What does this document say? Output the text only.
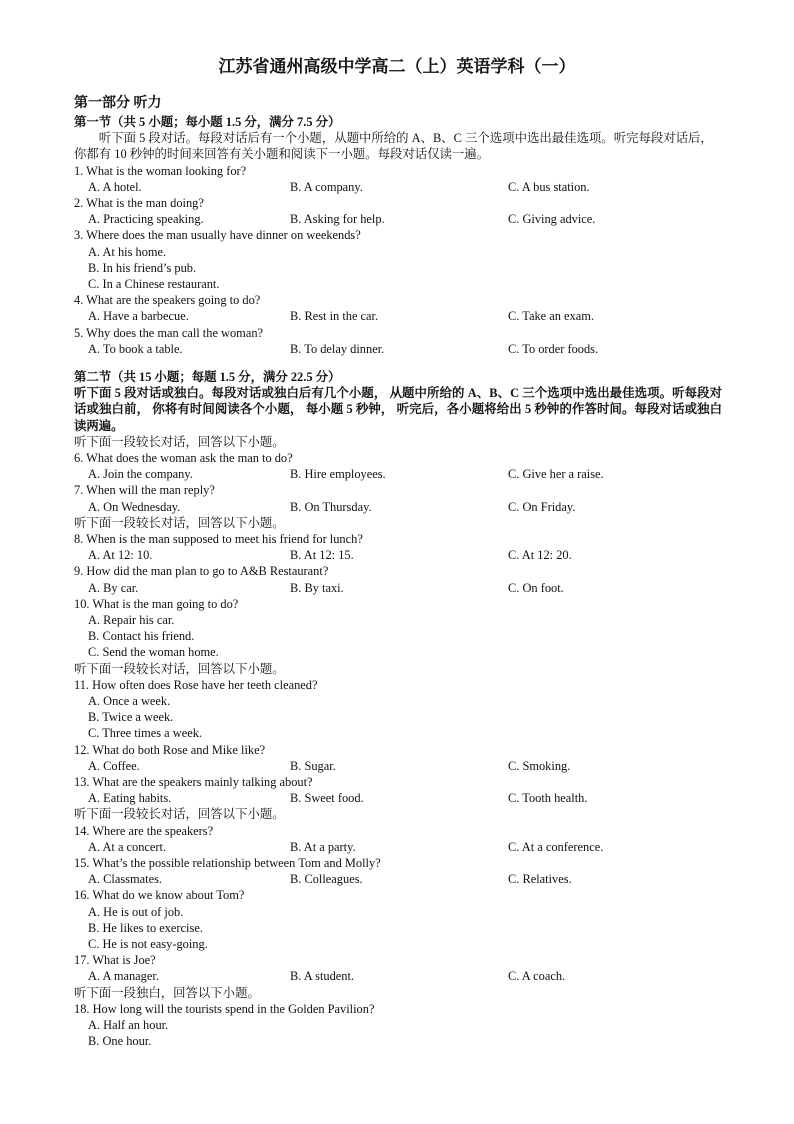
江苏省通州高级中学高二（上）英语学科（一）
第一部分 听力
第一节（共 5 小题；每小题 1.5 分，满分 7.5 分）
听下面 5 段对话。每段对话后有一个小题，从题中所给的 A、B、C 三个选项中选出最佳选项。听完每段对话后，你都有 10 秒钟的时间来回答有关小题和阅读下一小题。每段对话仅读一遍。
1. What is the woman looking for?
A. A hotel.	B. A company.	C. A bus station.
2. What is the man doing?
A. Practicing speaking.	B. Asking for help.	C. Giving advice.
3. Where does the man usually have dinner on weekends?
A. At his home.
B. In his friend’s pub.
C. In a Chinese restaurant.
4. What are the speakers going to do?
A. Have a barbecue.	B. Rest in the car.	C. Take an exam.
5. Why does the man call the woman?
A. To book a table.	B. To delay dinner.	C. To order foods.
第二节（共 15 小题；每题 1.5 分，满分 22.5 分）
听下面 5 段对话或独白。每段对话或独白后有几个小题， 从题中所给的 A、B、C 三个选项中选出最佳选项。听每段对话或独白前， 你将有时间阅读各个小题， 每小题 5 秒钟， 听完后，各小题将给出 5 秒钟的作答时间。每段对话或独白读两遍。
听下面一段较长对话，回答以下小题。
6. What does the woman ask the man to do?
A. Join the company.	B. Hire employees.	C. Give her a raise.
7. When will the man reply?
A. On Wednesday.	B. On Thursday.	C. On Friday.
听下面一段较长对话，回答以下小题。
8. When is the man supposed to meet his friend for lunch?
A. At 12: 10.	B. At 12: 15.	C. At 12: 20.
9. How did the man plan to go to A&B Restaurant?
A. By car.	B. By taxi.	C. On foot.
10. What is the man going to do?
A. Repair his car.
B. Contact his friend.
C. Send the woman home.
听下面一段较长对话，回答以下小题。
11. How often does Rose have her teeth cleaned?
A. Once a week.
B. Twice a week.
C. Three times a week.
12. What do both Rose and Mike like?
A. Coffee.	B. Sugar.	C. Smoking.
13. What are the speakers mainly talking about?
A. Eating habits.	B. Sweet food.	C. Tooth health.
听下面一段较长对话，回答以下小题。
14. Where are the speakers?
A. At a concert.	B. At a party.	C. At a conference.
15. What’s the possible relationship between Tom and Molly?
A. Classmates.	B. Colleagues.	C. Relatives.
16. What do we know about Tom?
A. He is out of job.
B. He likes to exercise.
C. He is not easy-going.
17. What is Joe?
A. A manager.	B. A student.	C. A coach.
听下面一段独白，回答以下小题。
18. How long will the tourists spend in the Golden Pavilion?
A. Half an hour.
B. One hour.
